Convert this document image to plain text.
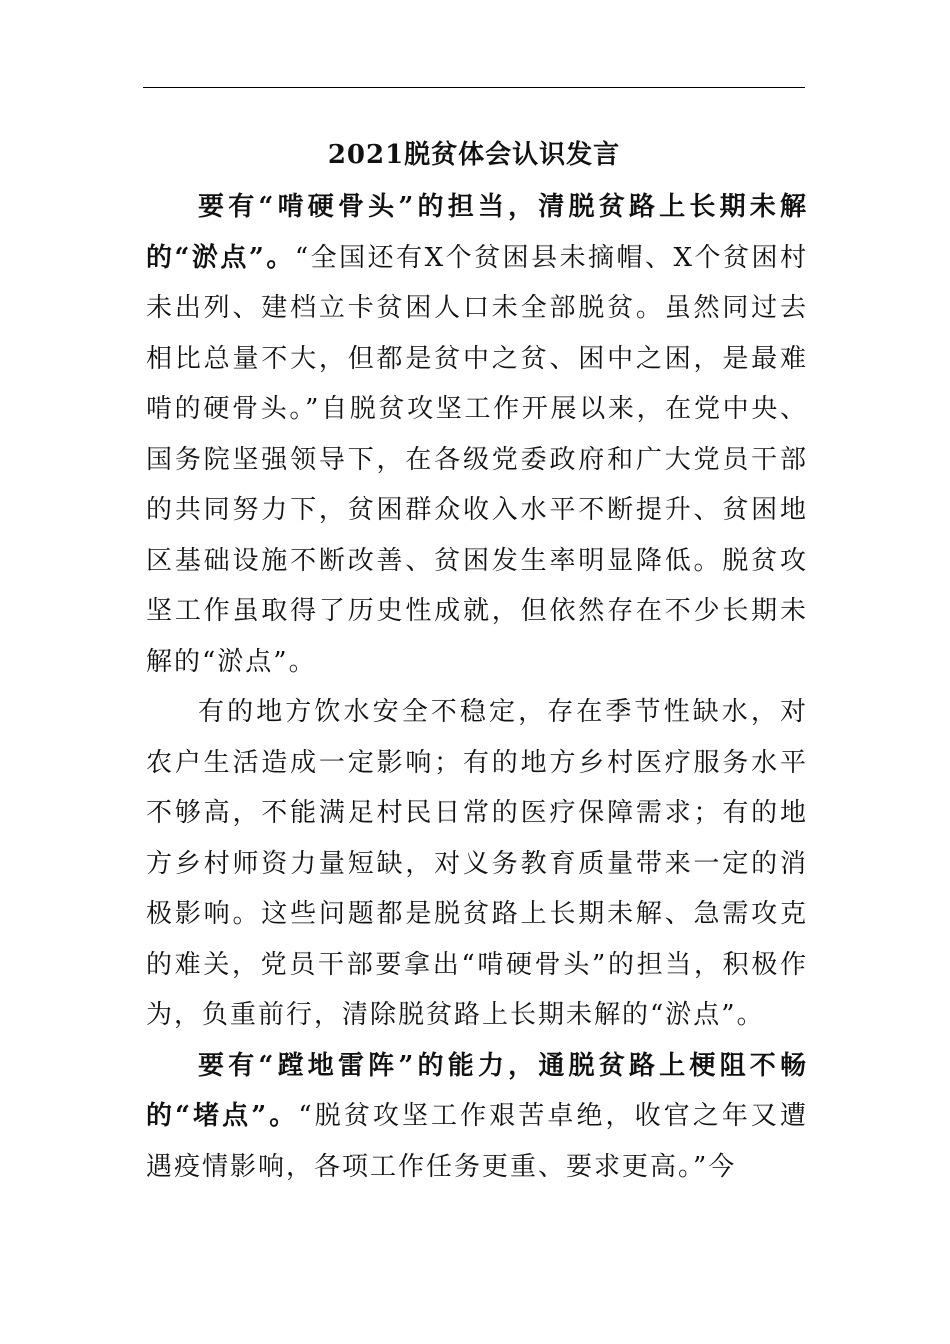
2021脱贫体会认识发言

要有“啃硬骨头”的担当，清脱贫路上长期未解的“淤点”。“全国还有X个贫困县未摘帽、X个贫困村未出列、建档立卡贫困人口未全部脱贫。虽然同过去相比总量不大，但都是贫中之贫、困中之困，是最难啃的硬骨头。”自脱贫攻坚工作开展以来，在党中央、国务院坚强领导下，在各级党委政府和广大党员干部的共同努力下，贫困群众收入水平不断提升、贫困地区基础设施不断改善、贫困发生率明显降低。脱贫攻坚工作虽取得了历史性成就，但依然存在不少长期未解的“淤点”。

有的地方饮水安全不稳定，存在季节性缺水，对农户生活造成一定影响；有的地方乡村医疗服务水平不够高，不能满足村民日常的医疗保障需求；有的地方乡村师资力量短缺，对义务教育质量带来一定的消极影响。这些问题都是脱贫路上长期未解、急需攻克的难关，党员干部要拿出“啃硬骨头”的担当，积极作为，负重前行，清除脱贫路上长期未解的“淤点”。

要有“蹚地雷阵”的能力，通脱贫路上梗阻不畅的“堵点”。“脱贫攻坚工作艰苦卓绝，收官之年又遭遇疫情影响，各项工作任务更重、要求更高。”今
